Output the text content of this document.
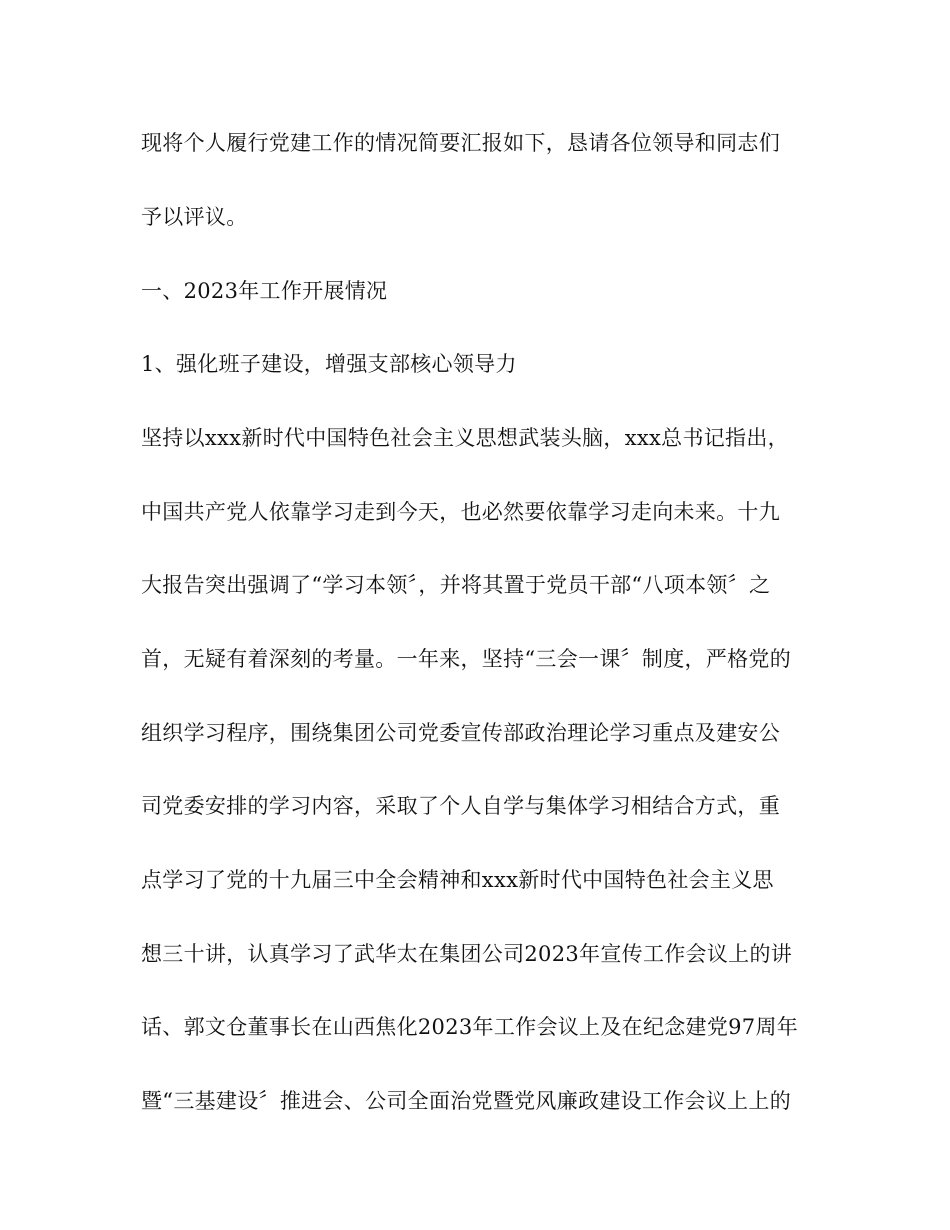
现将个人履行党建工作的情况简要汇报如下，恳请各位领导和同志们
予以评议。
一、2023年工作开展情况
1、强化班子建设，增强支部核心领导力
坚持以xxx新时代中国特色社会主义思想武装头脑，xxx总书记指出，
中国共产党人依靠学习走到今天，也必然要依靠学习走向未来。十九
大报告突出强调了“学习本领〞，并将其置于党员干部“八项本领〞之
首，无疑有着深刻的考量。一年来，坚持“三会一课〞制度，严格党的
组织学习程序，围绕集团公司党委宣传部政治理论学习重点及建安公
司党委安排的学习内容，采取了个人自学与集体学习相结合方式，重
点学习了党的十九届三中全会精神和xxx新时代中国特色社会主义思
想三十讲，认真学习了武华太在集团公司2023年宣传工作会议上的讲
话、郭文仓董事长在山西焦化2023年工作会议上及在纪念建党97周年
暨“三基建设〞推进会、公司全面治党暨党风廉政建设工作会议上上的
